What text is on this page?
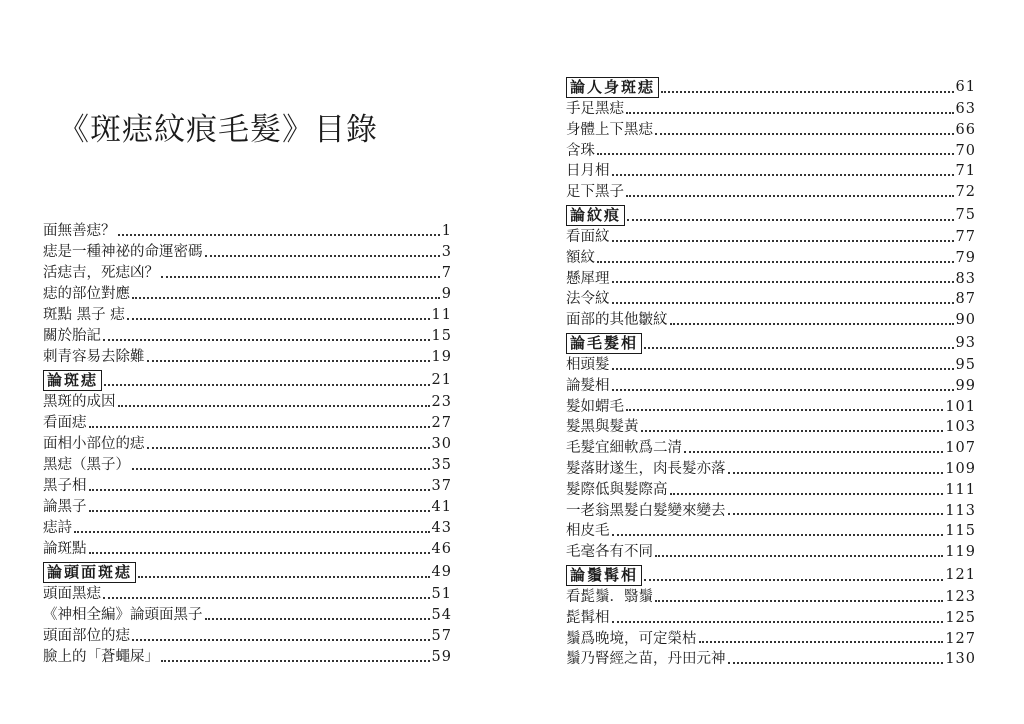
《斑痣紋痕毛髮》目錄
面無善痣？	1
痣是一種神祕的命運密碼	3
活痣吉，死痣凶？	7
痣的部位對應	9
斑點 黑子 痣	11
關於胎記	15
刺青容易去除難	19
論斑痣	21
黑斑的成因	23
看面痣	27
面相小部位的痣	30
黑痣（黑子）	35
黑子相	37
論黑子	41
痣詩	43
論斑點	46
論頭面斑痣	49
頭面黑痣	51
《神相全編》論頭面黑子	54
頭面部位的痣	57
臉上的「蒼蠅屎」	59
論人身斑痣	61
手足黑痣	63
身體上下黑痣	66
含珠	70
日月相	71
足下黑子	72
論紋痕	75
看面紋	77
額紋	79
懸犀理	83
法令紋	87
面部的其他皺紋	90
論毛髮相	93
相頭髮	95
論髮相	99
髮如蝟毛	101
髮黑與髮黃	103
毛髮宜細軟爲二清	107
髮落財遂生，肉長髮亦落	109
髮際低與髮際高	111
一老翁黑髮白髮變來變去	113
相皮毛	115
毛毫各有不同	119
論鬚髯相	121
看髭鬚．翳鬚	123
髭髯相	125
鬚爲晚境，可定榮枯	127
鬚乃腎經之苗，丹田元神	130
